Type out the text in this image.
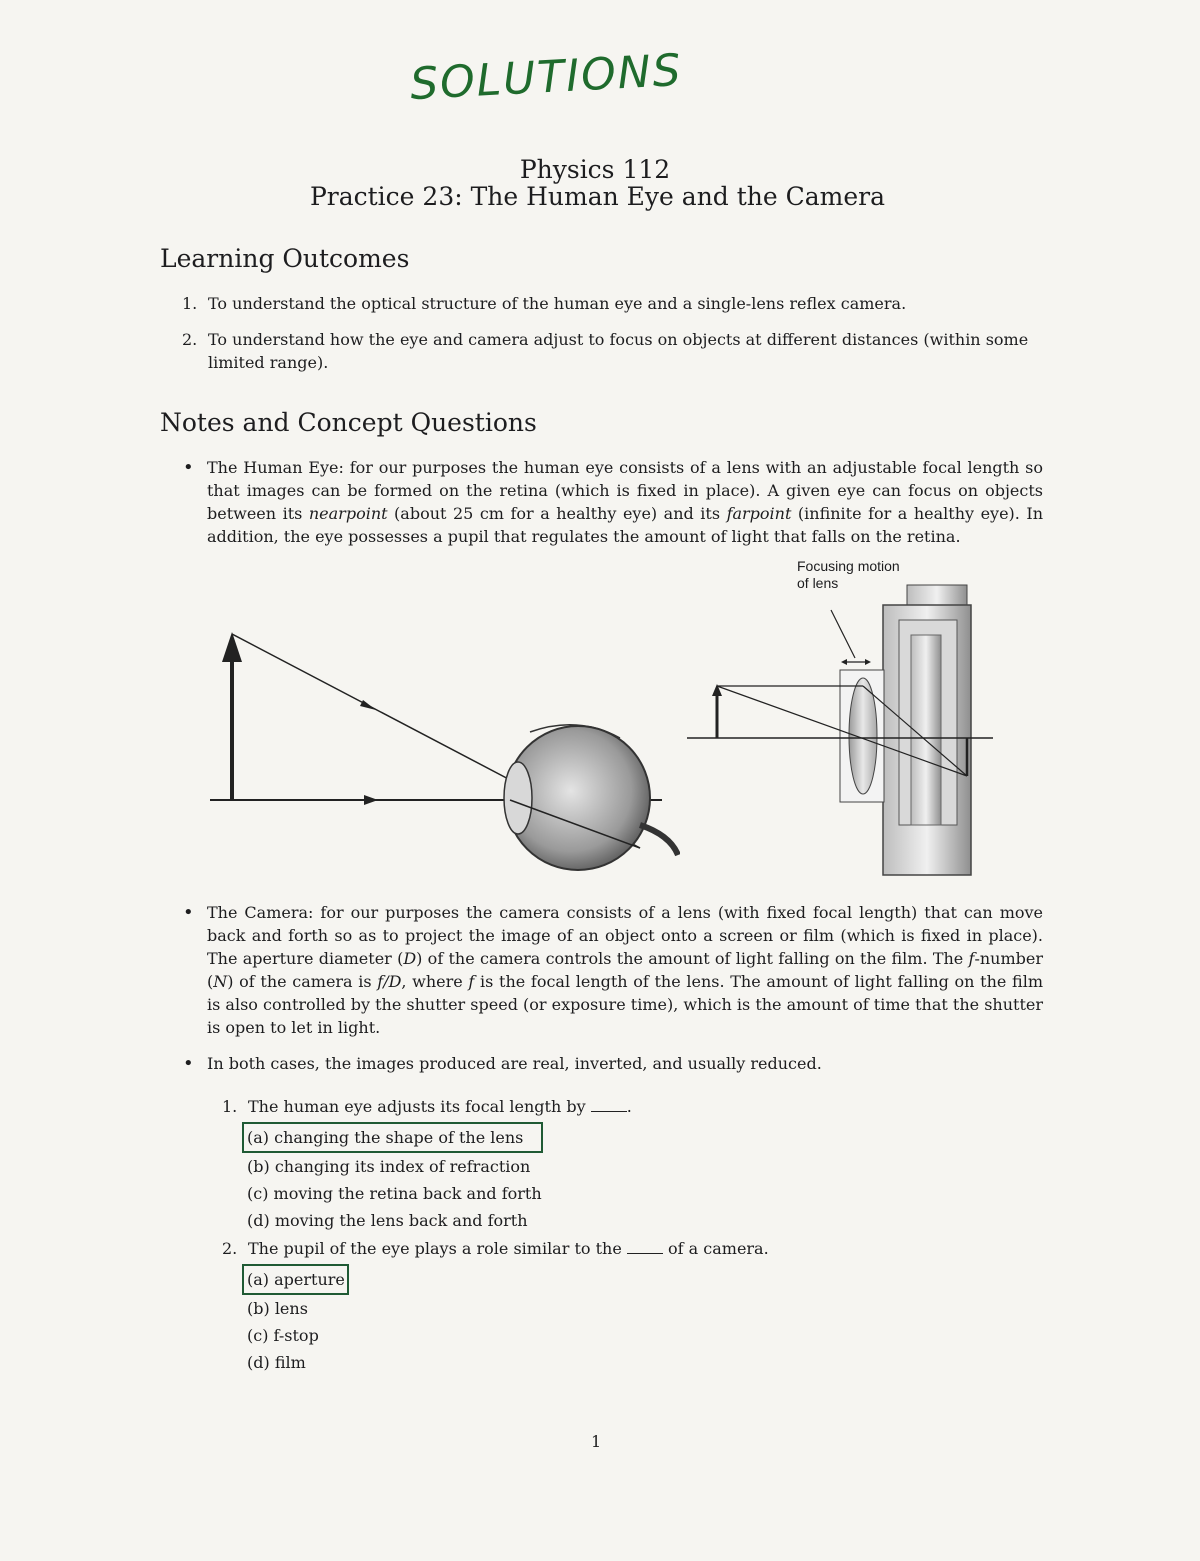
SOLUTIONS
Physics 112
Practice 23: The Human Eye and the Camera
Learning Outcomes
1. To understand the optical structure of the human eye and a single-lens reflex camera.
2. To understand how the eye and camera adjust to focus on objects at different distances (within some
limited range).
Notes and Concept Questions
• The Human Eye: for our purposes the human eye consists of a lens with an adjustable focal length so that images can be formed on the retina (which is fixed in place). A given eye can focus on objects between its nearpoint (about 25 cm for a healthy eye) and its farpoint (infinite for a healthy eye). In addition, the eye possesses a pupil that regulates the amount of light that falls on the retina.
Focusing motion
of lens
• The Camera: for our purposes the camera consists of a lens (with fixed focal length) that can move back and forth so as to project the image of an object onto a screen or film (which is fixed in place). The aperture diameter (D) of the camera controls the amount of light falling on the film. The f-number (N) of the camera is f/D, where f is the focal length of the lens. The amount of light falling on the film is also controlled by the shutter speed (or exposure time), which is the amount of time that the shutter is open to let in light.
• In both cases, the images produced are real, inverted, and usually reduced.
1. The human eye adjusts its focal length by	.
(a) changing the shape of the lens
(b) changing its index of refraction
(c) moving the retina back and forth
(d) moving the lens back and forth
2. The pupil of the eye plays a role similar to the	of a camera.
(a) aperture
(b) lens
(c) f-stop
(d) film
1
